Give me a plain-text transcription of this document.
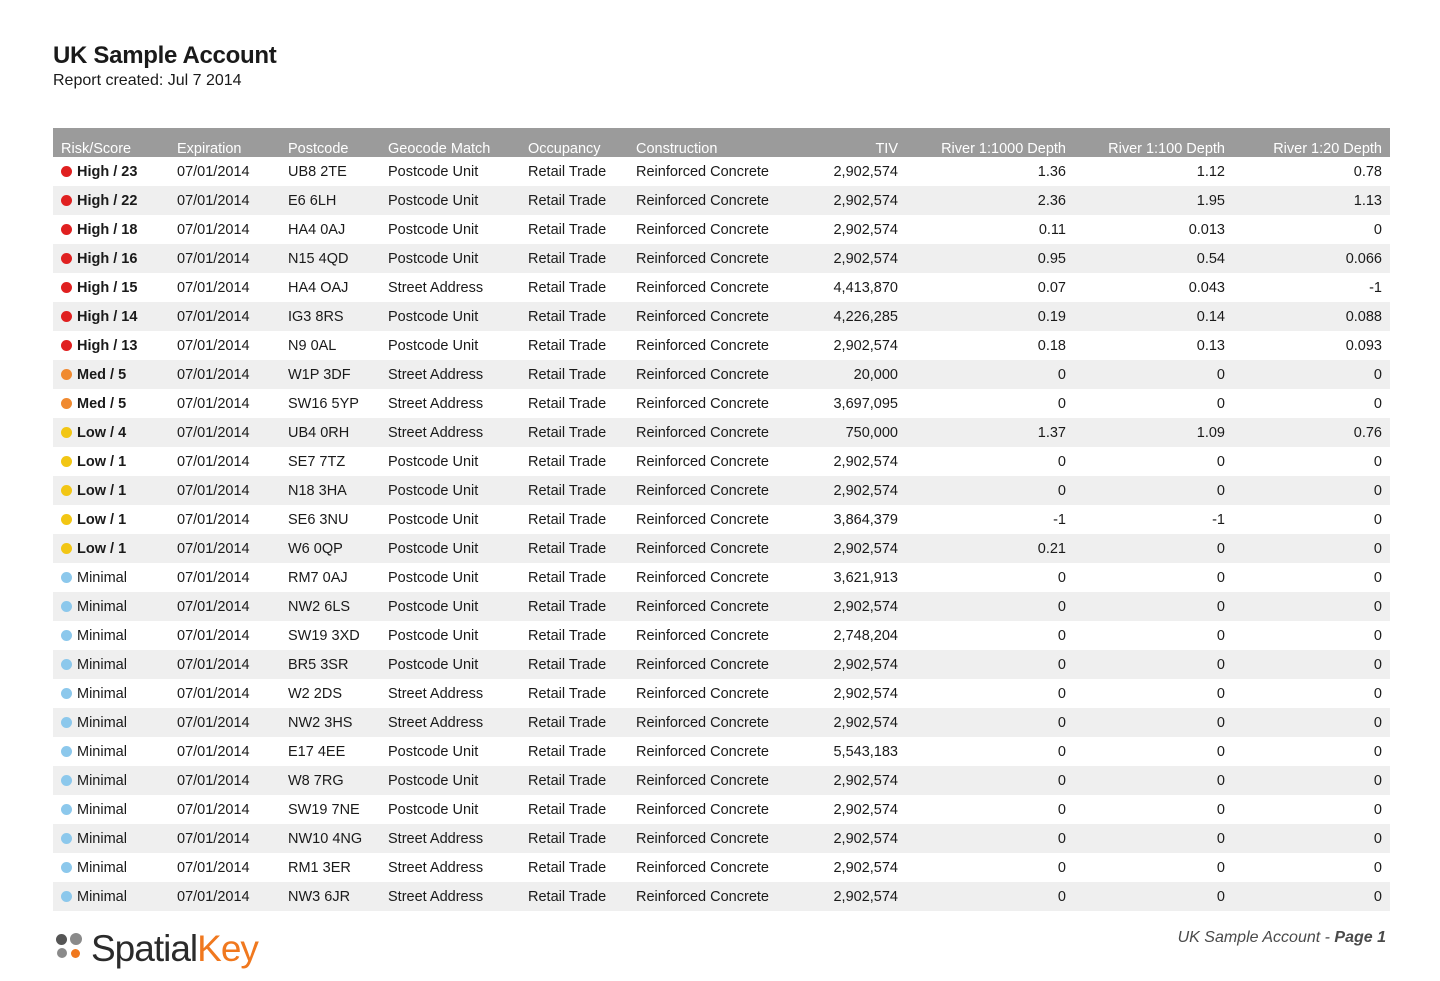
UK Sample Account
Report created: Jul 7 2014
Risk/Score	Expiration	Postcode	Geocode Match	Occupancy	Construction	TIV	River 1:1000 Depth	River 1:100 Depth	River 1:20 Depth
High / 23	07/01/2014	UB8 2TE	Postcode Unit	Retail Trade	Reinforced Concrete	2,902,574	1.36	1.12	0.78
High / 22	07/01/2014	E6 6LH	Postcode Unit	Retail Trade	Reinforced Concrete	2,902,574	2.36	1.95	1.13
High / 18	07/01/2014	HA4 0AJ	Postcode Unit	Retail Trade	Reinforced Concrete	2,902,574	0.11	0.013	0
High / 16	07/01/2014	N15 4QD	Postcode Unit	Retail Trade	Reinforced Concrete	2,902,574	0.95	0.54	0.066
High / 15	07/01/2014	HA4 OAJ	Street Address	Retail Trade	Reinforced Concrete	4,413,870	0.07	0.043	-1
High / 14	07/01/2014	IG3 8RS	Postcode Unit	Retail Trade	Reinforced Concrete	4,226,285	0.19	0.14	0.088
High / 13	07/01/2014	N9 0AL	Postcode Unit	Retail Trade	Reinforced Concrete	2,902,574	0.18	0.13	0.093
Med / 5	07/01/2014	W1P 3DF	Street Address	Retail Trade	Reinforced Concrete	20,000	0	0	0
Med / 5	07/01/2014	SW16 5YP	Street Address	Retail Trade	Reinforced Concrete	3,697,095	0	0	0
Low / 4	07/01/2014	UB4 0RH	Street Address	Retail Trade	Reinforced Concrete	750,000	1.37	1.09	0.76
Low / 1	07/01/2014	SE7 7TZ	Postcode Unit	Retail Trade	Reinforced Concrete	2,902,574	0	0	0
Low / 1	07/01/2014	N18 3HA	Postcode Unit	Retail Trade	Reinforced Concrete	2,902,574	0	0	0
Low / 1	07/01/2014	SE6 3NU	Postcode Unit	Retail Trade	Reinforced Concrete	3,864,379	-1	-1	0
Low / 1	07/01/2014	W6 0QP	Postcode Unit	Retail Trade	Reinforced Concrete	2,902,574	0.21	0	0
Minimal	07/01/2014	RM7 0AJ	Postcode Unit	Retail Trade	Reinforced Concrete	3,621,913	0	0	0
Minimal	07/01/2014	NW2 6LS	Postcode Unit	Retail Trade	Reinforced Concrete	2,902,574	0	0	0
Minimal	07/01/2014	SW19 3XD	Postcode Unit	Retail Trade	Reinforced Concrete	2,748,204	0	0	0
Minimal	07/01/2014	BR5 3SR	Postcode Unit	Retail Trade	Reinforced Concrete	2,902,574	0	0	0
Minimal	07/01/2014	W2 2DS	Street Address	Retail Trade	Reinforced Concrete	2,902,574	0	0	0
Minimal	07/01/2014	NW2 3HS	Street Address	Retail Trade	Reinforced Concrete	2,902,574	0	0	0
Minimal	07/01/2014	E17 4EE	Postcode Unit	Retail Trade	Reinforced Concrete	5,543,183	0	0	0
Minimal	07/01/2014	W8 7RG	Postcode Unit	Retail Trade	Reinforced Concrete	2,902,574	0	0	0
Minimal	07/01/2014	SW19 7NE	Postcode Unit	Retail Trade	Reinforced Concrete	2,902,574	0	0	0
Minimal	07/01/2014	NW10 4NG	Street Address	Retail Trade	Reinforced Concrete	2,902,574	0	0	0
Minimal	07/01/2014	RM1 3ER	Street Address	Retail Trade	Reinforced Concrete	2,902,574	0	0	0
Minimal	07/01/2014	NW3 6JR	Street Address	Retail Trade	Reinforced Concrete	2,902,574	0	0	0
SpatialKey	UK Sample Account - Page 1
